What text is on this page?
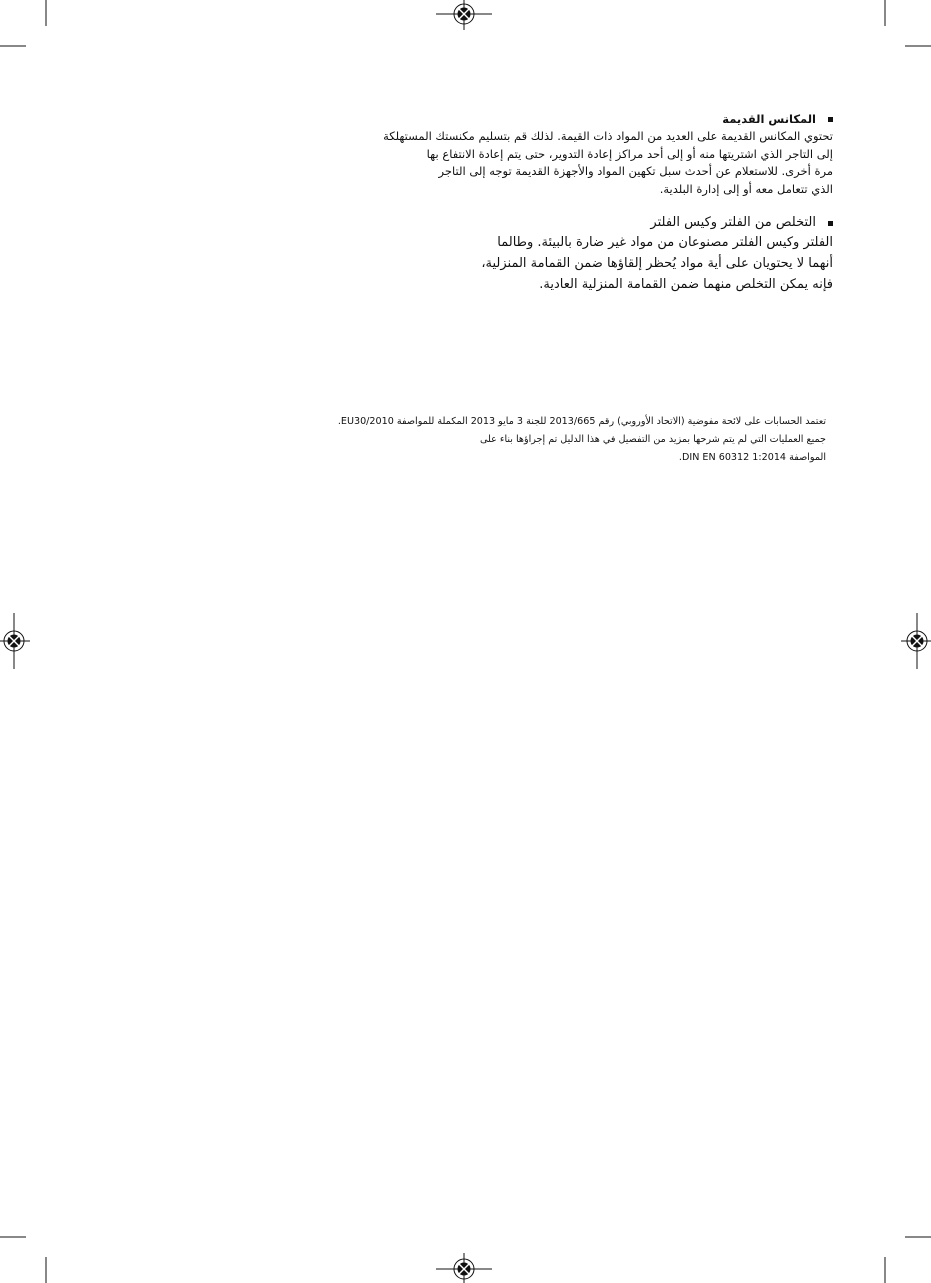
المكانس القديمة
تحتوي المكانس القديمة على العديد من المواد ذات القيمة. لذلك قم بتسليم مكنستك المستهلكة
إلى التاجر الذي اشتريتها منه أو إلى أحد مراكز إعادة التدوير، حتى يتم إعادة الانتفاع بها
مرة أخرى. للاستعلام عن أحدث سبل تكهين المواد والأجهزة القديمة توجه إلى التاجر
الذي تتعامل معه أو إلى إدارة البلدية.
التخلص من الفلتر وكيس الفلتر
الفلتر وكيس الفلتر مصنوعان من مواد غير ضارة بالبيئة. وطالما
أنهما لا يحتويان على أية مواد يُحظر إلقاؤها ضمن القمامة المنزلية،
فإنه يمكن التخلص منهما ضمن القمامة المنزلية العادية.
تعتمد الحسابات على لائحة مفوضية (الاتحاد الأوروبي) رقم 2013/665 للجنة 3 مايو 2013 المكملة للمواصفة EU30/2010.
جميع العمليات التي لم يتم شرحها بمزيد من التفصيل في هذا الدليل تم إجراؤها بناء على
المواصفة DIN EN 60312 1:2014.
